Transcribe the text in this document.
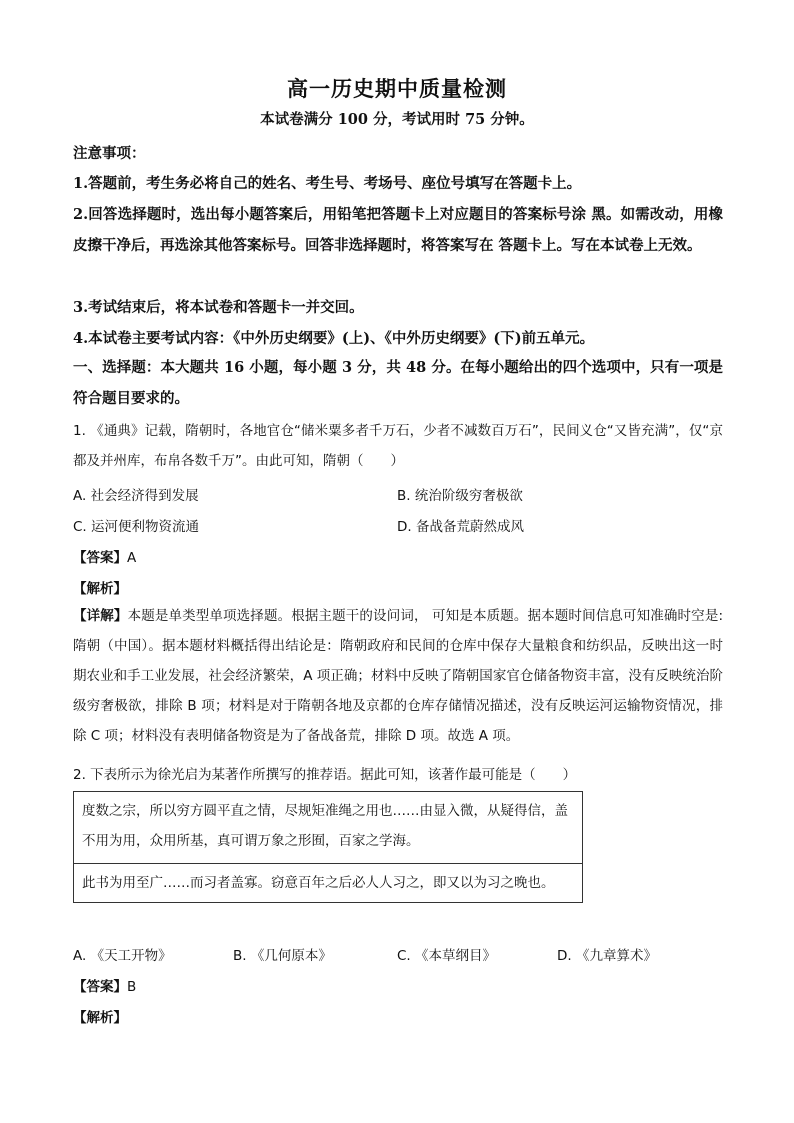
高一历史期中质量检测
本试卷满分 100 分，考试用时 75 分钟。
注意事项：
1.答题前，考生务必将自己的姓名、考生号、考场号、座位号填写在答题卡上。
2.回答选择题时，选出每小题答案后，用铅笔把答题卡上对应题目的答案标号涂 黑。如需改动，用橡皮擦干净后，再选涂其他答案标号。回答非选择题时，将答案写在 答题卡上。写在本试卷上无效。
3.考试结束后，将本试卷和答题卡一并交回。
4.本试卷主要考试内容：《中外历史纲要》(上)、《中外历史纲要》(下)前五单元。
一、选择题：本大题共 16 小题，每小题 3 分，共 48 分。在每小题给出的四个选项中，只有一项是符合题目要求的。
1. 《通典》记载，隋朝时，各地官仓“储米粟多者千万石，少者不减数百万石”，民间义仓“又皆充满”，仅“京都及并州库，布帛各数千万”。由此可知，隋朝（　　）
A. 社会经济得到发展	B. 统治阶级穷奢极欲
C. 运河便利物资流通	D. 备战备荒蔚然成风
【答案】A
【解析】
【详解】本题是单类型单项选择题。根据主题干的设问词， 可知是本质题。据本题时间信息可知准确时空是:隋朝（中国）。据本题材料概括得出结论是：隋朝政府和民间的仓库中保存大量粮食和纺织品，反映出这一时期农业和手工业发展，社会经济繁荣，A 项正确；材料中反映了隋朝国家官仓储备物资丰富，没有反映统治阶级穷奢极欲，排除 B 项；材料是对于隋朝各地及京都的仓库存储情况描述，没有反映运河运输物资情况，排除 C 项；材料没有表明储备物资是为了备战备荒，排除 D 项。故选 A 项。
2. 下表所示为徐光启为某著作所撰写的推荐语。据此可知，该著作最可能是（　　）
度数之宗，所以穷方圆平直之情，尽规矩准绳之用也……由显入微，从疑得信，盖不用为用，众用所基，真可谓万象之形囿，百家之学海。
此书为用至广……而习者盖寡。窃意百年之后必人人习之，即又以为习之晚也。
A. 《天工开物》	B. 《几何原本》	C. 《本草纲目》	D. 《九章算术》
【答案】B
【解析】
